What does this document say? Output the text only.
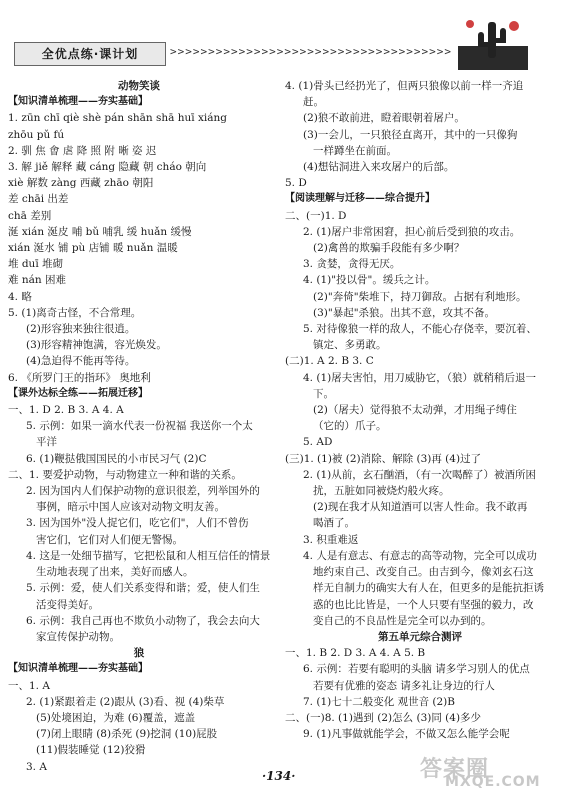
全优点练·课计划	>>>>>>>>>>>>>>>>>>>>>>>>>>>>>>>>>>>>>
动物笑谈
【知识清单梳理——夯实基础】
1. zūn chī qiè shè pán shān shā huī xiáng
zhōu pǔ fú
2. 驯 焦 㑹 虐 降 照 附 晰 姿 迟
3. 解 jiě 解释 藏 cáng 隐藏 朝 cháo 朝向
xiè 解数 zàng 西藏 zhāo 朝阳
差 chāi 出差
chā 差别
涎 xián 涎皮 哺 bǔ 哺乳 缓 huǎn 缓慢
xián 涎水 铺 pù 店铺 暖 nuǎn 温暖
堆 duī 堆砌
难 nán 困难
4. 略
5. (1)离奇古怪，不合常理。
(2)形容独来独往很逍。
(3)形容精神饱满，容光焕发。
(4)急迫得不能再等待。
6. 《所罗门王的指环》 奥地利
【课外达标全练——拓展迁移】
一、1. D 2. B 3. A 4. A
5. 示例：如果一滴水代表一份祝福 我送你一个太
平洋
6. (1)鞭挞俄国国民的小市民习气 (2)C
二、1. 要爱护动物，与动物建立一种和谐的关系。
2. 因为国内人们保护动物的意识很差，列举国外的
事例，暗示中国人应该对动物文明友善。
3. 因为国外"没人捉它们，吃它们"，人们不曾伤
害它们，它们对人们便无警惕。
4. 这是一处细节描写，它把松鼠和人相互信任的情景
生动地表现了出来，美好而感人。
5. 示例：爱，使人们关系变得和谐；爱，使人们生
活变得美好。
6. 示例：我自己再也不欺负小动物了，我会去向大
家宣传保护动物。
狼
【知识清单梳理——夯实基础】
一、1. A
2. (1)紧跟着走 (2)跟从 (3)看、视 (4)柴草
(5)处境困迫，为难 (6)覆盖，遮盖
(7)闭上眼睛 (8)杀死 (9)挖洞 (10)屁股
(11)假装睡觉 (12)狡猾
3. A
4. (1)骨头已经扔光了，但两只狼像以前一样一齐追
赶。
(2)狼不敢前进，瞪着眼朝着屠户。
(3)一会儿，一只狼径直离开，其中的一只像狗
一样蹲坐在前面。
(4)想钻洞进入来攻屠户的后部。
5. D
【阅读理解与迁移——综合提升】
二、(一)1. D
2. (1)屠户非常困窘，担心前后受到狼的攻击。
(2)禽兽的欺骗手段能有多少啊？
3. 贪婪，贪得无厌。
4. (1)"投以骨"。缓兵之计。
(2)"奔倚"柴堆下，持刀御敌。占据有利地形。
(3)"暴起"杀狼。出其不意，攻其不备。
5. 对待像狼一样的敌人，不能心存侥幸，要沉着、
镇定、多勇敢。
(二)1. A 2. B 3. C
4. (1)屠夫害怕，用刀威胁它，（狼）就稍稍后退一
下。
(2)（屠夫）觉得狼不太动弹，才用绳子缚住
（它的）爪子。
5. AD
(三)1. (1)被 (2)消除、解除 (3)再 (4)过了
2. (1)从前，玄石酗酒，（有一次喝醉了）被酒所困
扰，五脏如同被烧灼般火疼。
(2)现在我才从知道酒可以害人性命。我不敢再
喝酒了。
3. 积重难返
4. 人是有意志、有意志的高等动物，完全可以成功
地约束自己、改变自己。由吉到今，像刘玄石这
样无自制力的确实大有人在，但更多的是能抗拒诱
惑的也比比皆是，一个人只要有坚强的毅力，改
变自己的不良品性是完全可以办到的。
第五单元综合测评
一、1. B 2. D 3. A 4. A 5. B
6. 示例：若要有聪明的头脑 请多学习别人的优点
若要有优雅的姿态 请多礼让身边的行人
7. (1)七十二般变化 观世音 (2)B
二、(一)8. (1)遇到 (2)怎么 (3)同 (4)多少
9. (1)凡事做就能学会，不做又怎么能学会呢
·134·	答案圈
MXQE.COM
